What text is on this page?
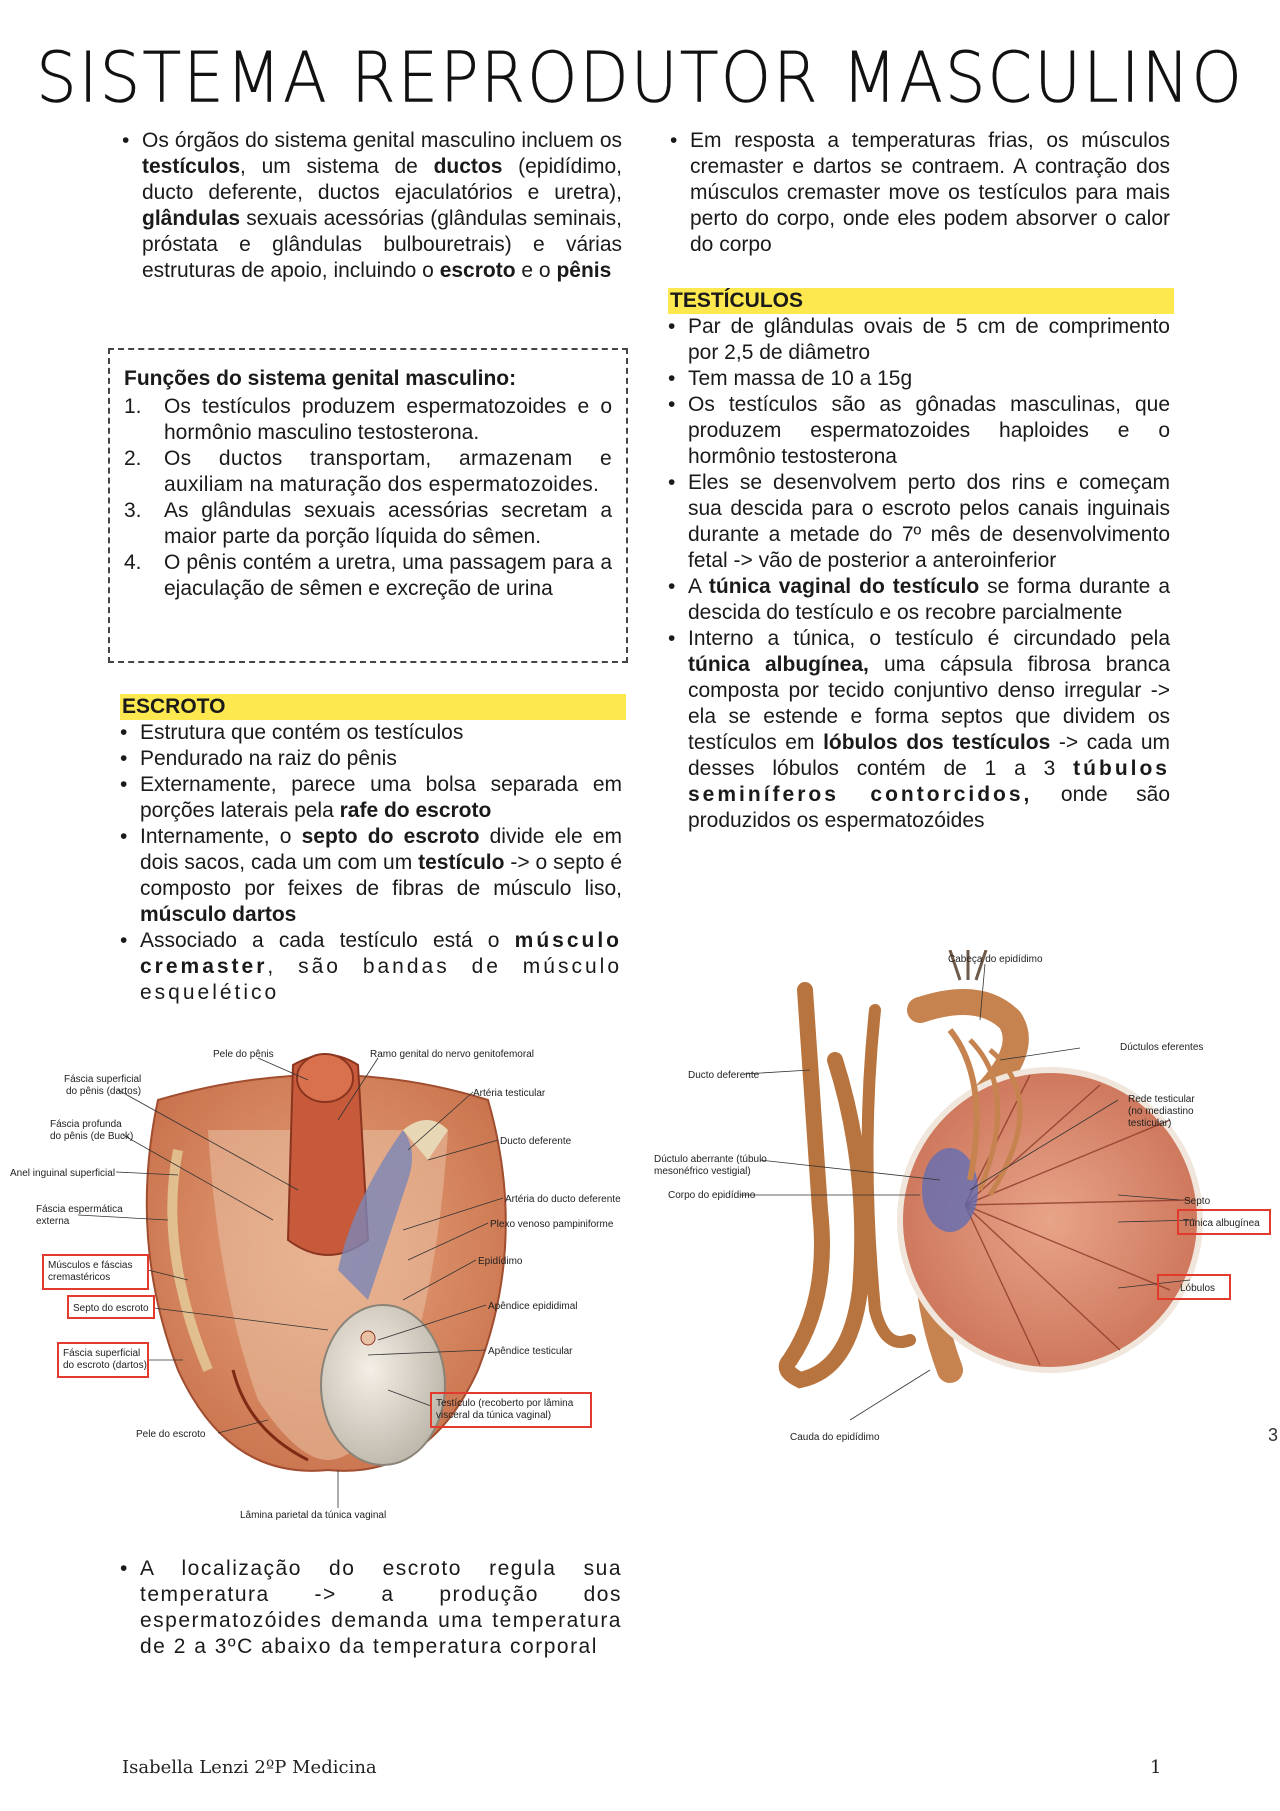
SISTEMA REPRODUTOR MASCULINO
• Os órgãos do sistema genital masculino incluem os testículos, um sistema de ductos (epidídimo, ducto deferente, ductos ejaculatórios e uretra), glândulas sexuais acessórias (glândulas seminais, próstata e glândulas bulbouretrais) e várias estruturas de apoio, incluindo o escroto e o pênis
Funções do sistema genital masculino:
1. Os testículos produzem espermatozoides e o hormônio masculino testosterona.
2. Os ductos transportam, armazenam e auxiliam na maturação dos espermatozoides.
3. As glândulas sexuais acessórias secretam a maior parte da porção líquida do sêmen.
4. O pênis contém a uretra, uma passagem para a ejaculação de sêmen e excreção de urina
ESCROTO
• Estrutura que contém os testículos
• Pendurado na raiz do pênis
• Externamente, parece uma bolsa separada em porções laterais pela rafe do escroto
• Internamente, o septo do escroto divide ele em dois sacos, cada um com um testículo -> o septo é composto por feixes de fibras de músculo liso, músculo dartos
• Associado a cada testículo está o músculo cremaster, são bandas de músculo esquelético
• Em resposta a temperaturas frias, os músculos cremaster e dartos se contraem. A contração dos músculos cremaster move os testículos para mais perto do corpo, onde eles podem absorver o calor do corpo
TESTÍCULOS
• Par de glândulas ovais de 5 cm de comprimento por 2,5 de diâmetro
• Tem massa de 10 a 15g
• Os testículos são as gônadas masculinas, que produzem espermatozoides haploides e o hormônio testosterona
• Eles se desenvolvem perto dos rins e começam sua descida para o escroto pelos canais inguinais durante a metade do 7º mês de desenvolvimento fetal -> vão de posterior a anteroinferior
• A túnica vaginal do testículo se forma durante a descida do testículo e os recobre parcialmente
• Interno a túnica, o testículo é circundado pela túnica albugínea, uma cápsula fibrosa branca composta por tecido conjuntivo denso irregular -> ela se estende e forma septos que dividem os testículos em lóbulos dos testículos -> cada um desses lóbulos contém de 1 a 3 túbulos seminíferos contorcidos, onde são produzidos os espermatozóides
Pele do pênis	Ramo genital do nervo genitofemoral
Fáscia superficial
do pênis (dartos)	Artéria testicular
Fáscia profunda
do pênis (de Buck)	Ducto deferente
Anel inguinal superficial
Artéria do ducto deferente
Fáscia espermática
externa	Plexo venoso pampiniforme
Epidídimo
Músculos e fáscias
cremastéricos
Apêndice epididimal
Septo do escroto
Apêndice testicular
Fáscia superficial
do escroto (dartos)
Testículo (recoberto por lâmina
visceral da túnica vaginal)
Pele do escroto
Lâmina parietal da túnica vaginal
Cabeça do epidídimo
Dúctulos eferentes
Ducto deferente
Rede testicular
(no mediastino
testicular)
Dúctulo aberrante (túbulo
mesonéfrico vestigial)
Corpo do epidídimo
Septo
Túnica albugínea
Lóbulos
Cauda do epidídimo
• A localização do escroto regula sua temperatura -> a produção dos espermatozóides demanda uma temperatura de 2 a 3ºC abaixo da temperatura corporal
Isabella Lenzi 2ºP Medicina	1
3
